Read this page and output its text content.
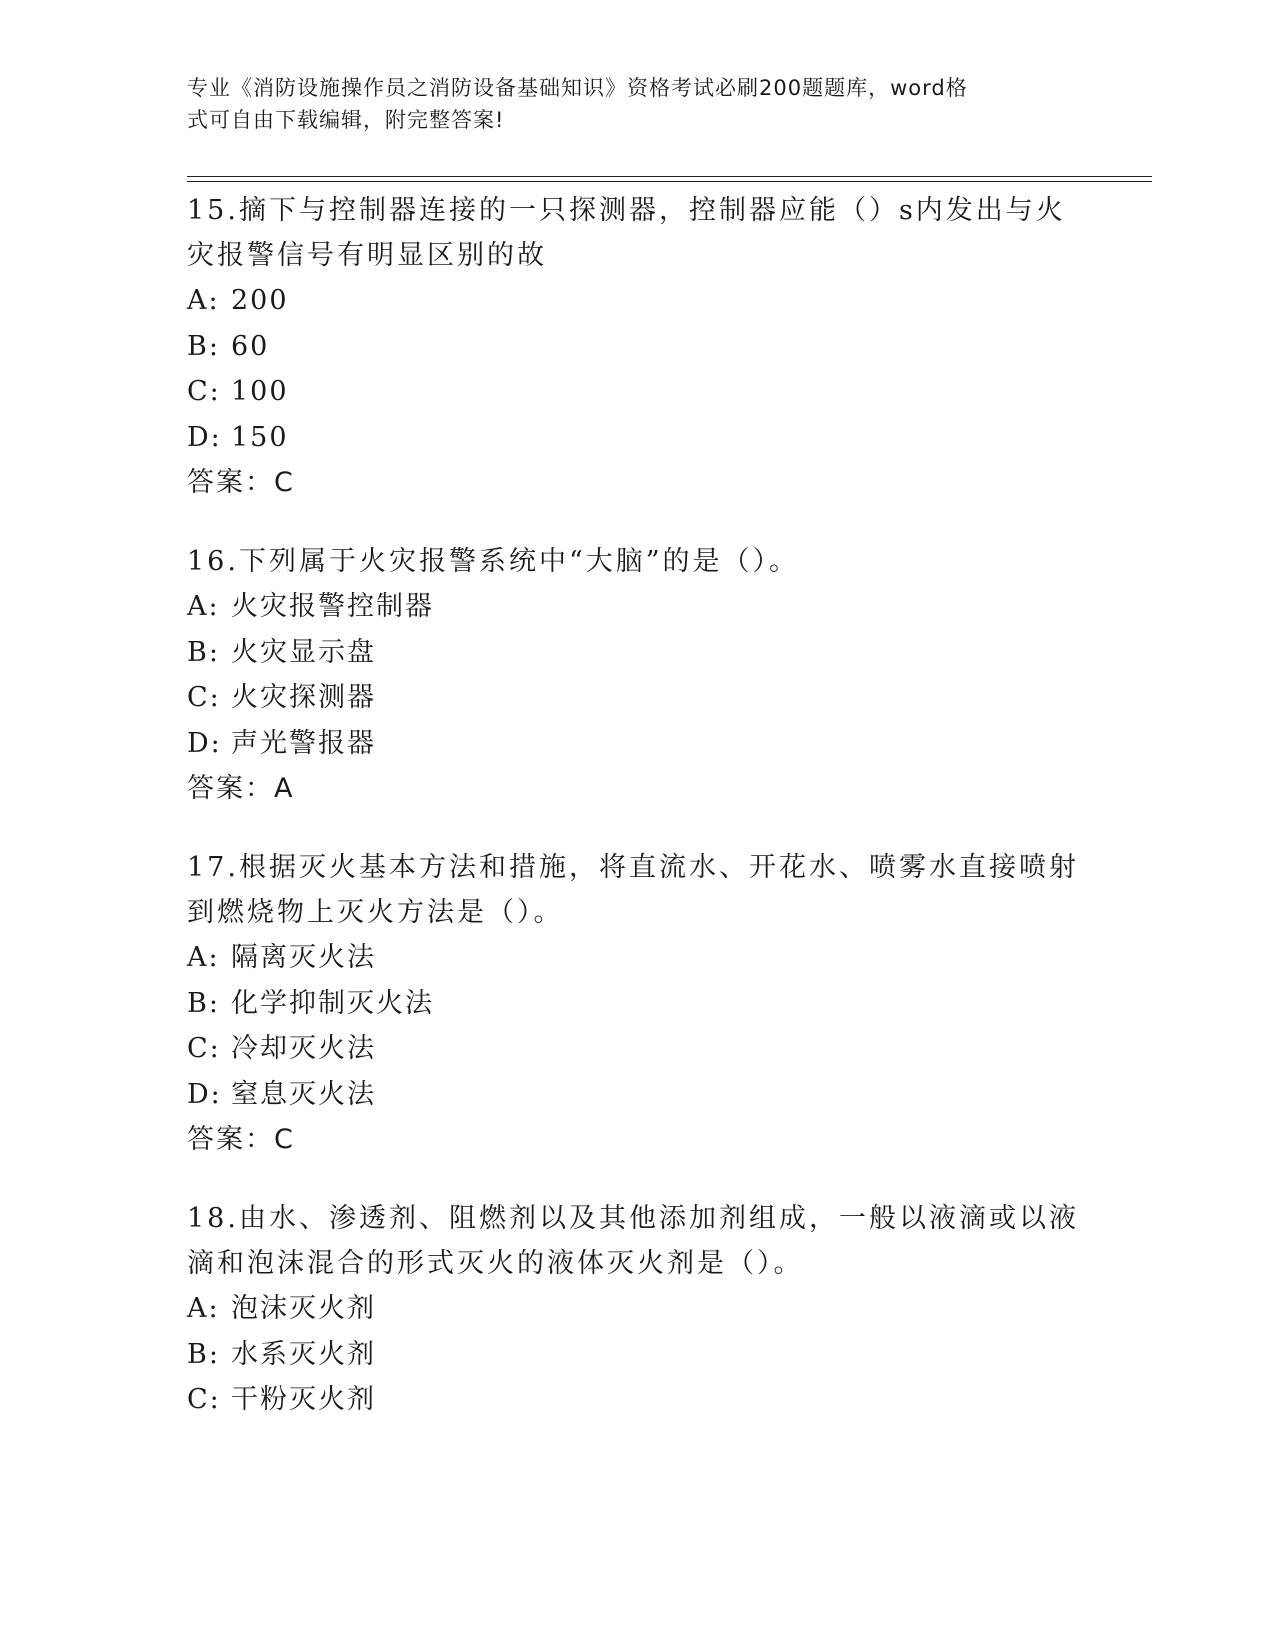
专业《消防设施操作员之消防设备基础知识》资格考试必刷200题题库，word格
式可自由下载编辑，附完整答案!

15.摘下与控制器连接的一只探测器，控制器应能（）s内发出与火灾报警信号有明显区别的故

A: 200

B: 60

C: 100

D: 150

答案：C

16.下列属于火灾报警系统中“大脑”的是（）。

A: 火灾报警控制器

B: 火灾显示盘

C: 火灾探测器

D: 声光警报器

答案：A

17.根据灭火基本方法和措施，将直流水、开花水、喷雾水直接喷射到燃烧物上灭火方法是（）。

A: 隔离灭火法

B: 化学抑制灭火法

C: 冷却灭火法

D: 窒息灭火法

答案：C

18.由水、渗透剂、阻燃剂以及其他添加剂组成，一般以液滴或以液滴和泡沫混合的形式灭火的液体灭火剂是（）。

A: 泡沫灭火剂

B: 水系灭火剂

C: 干粉灭火剂
